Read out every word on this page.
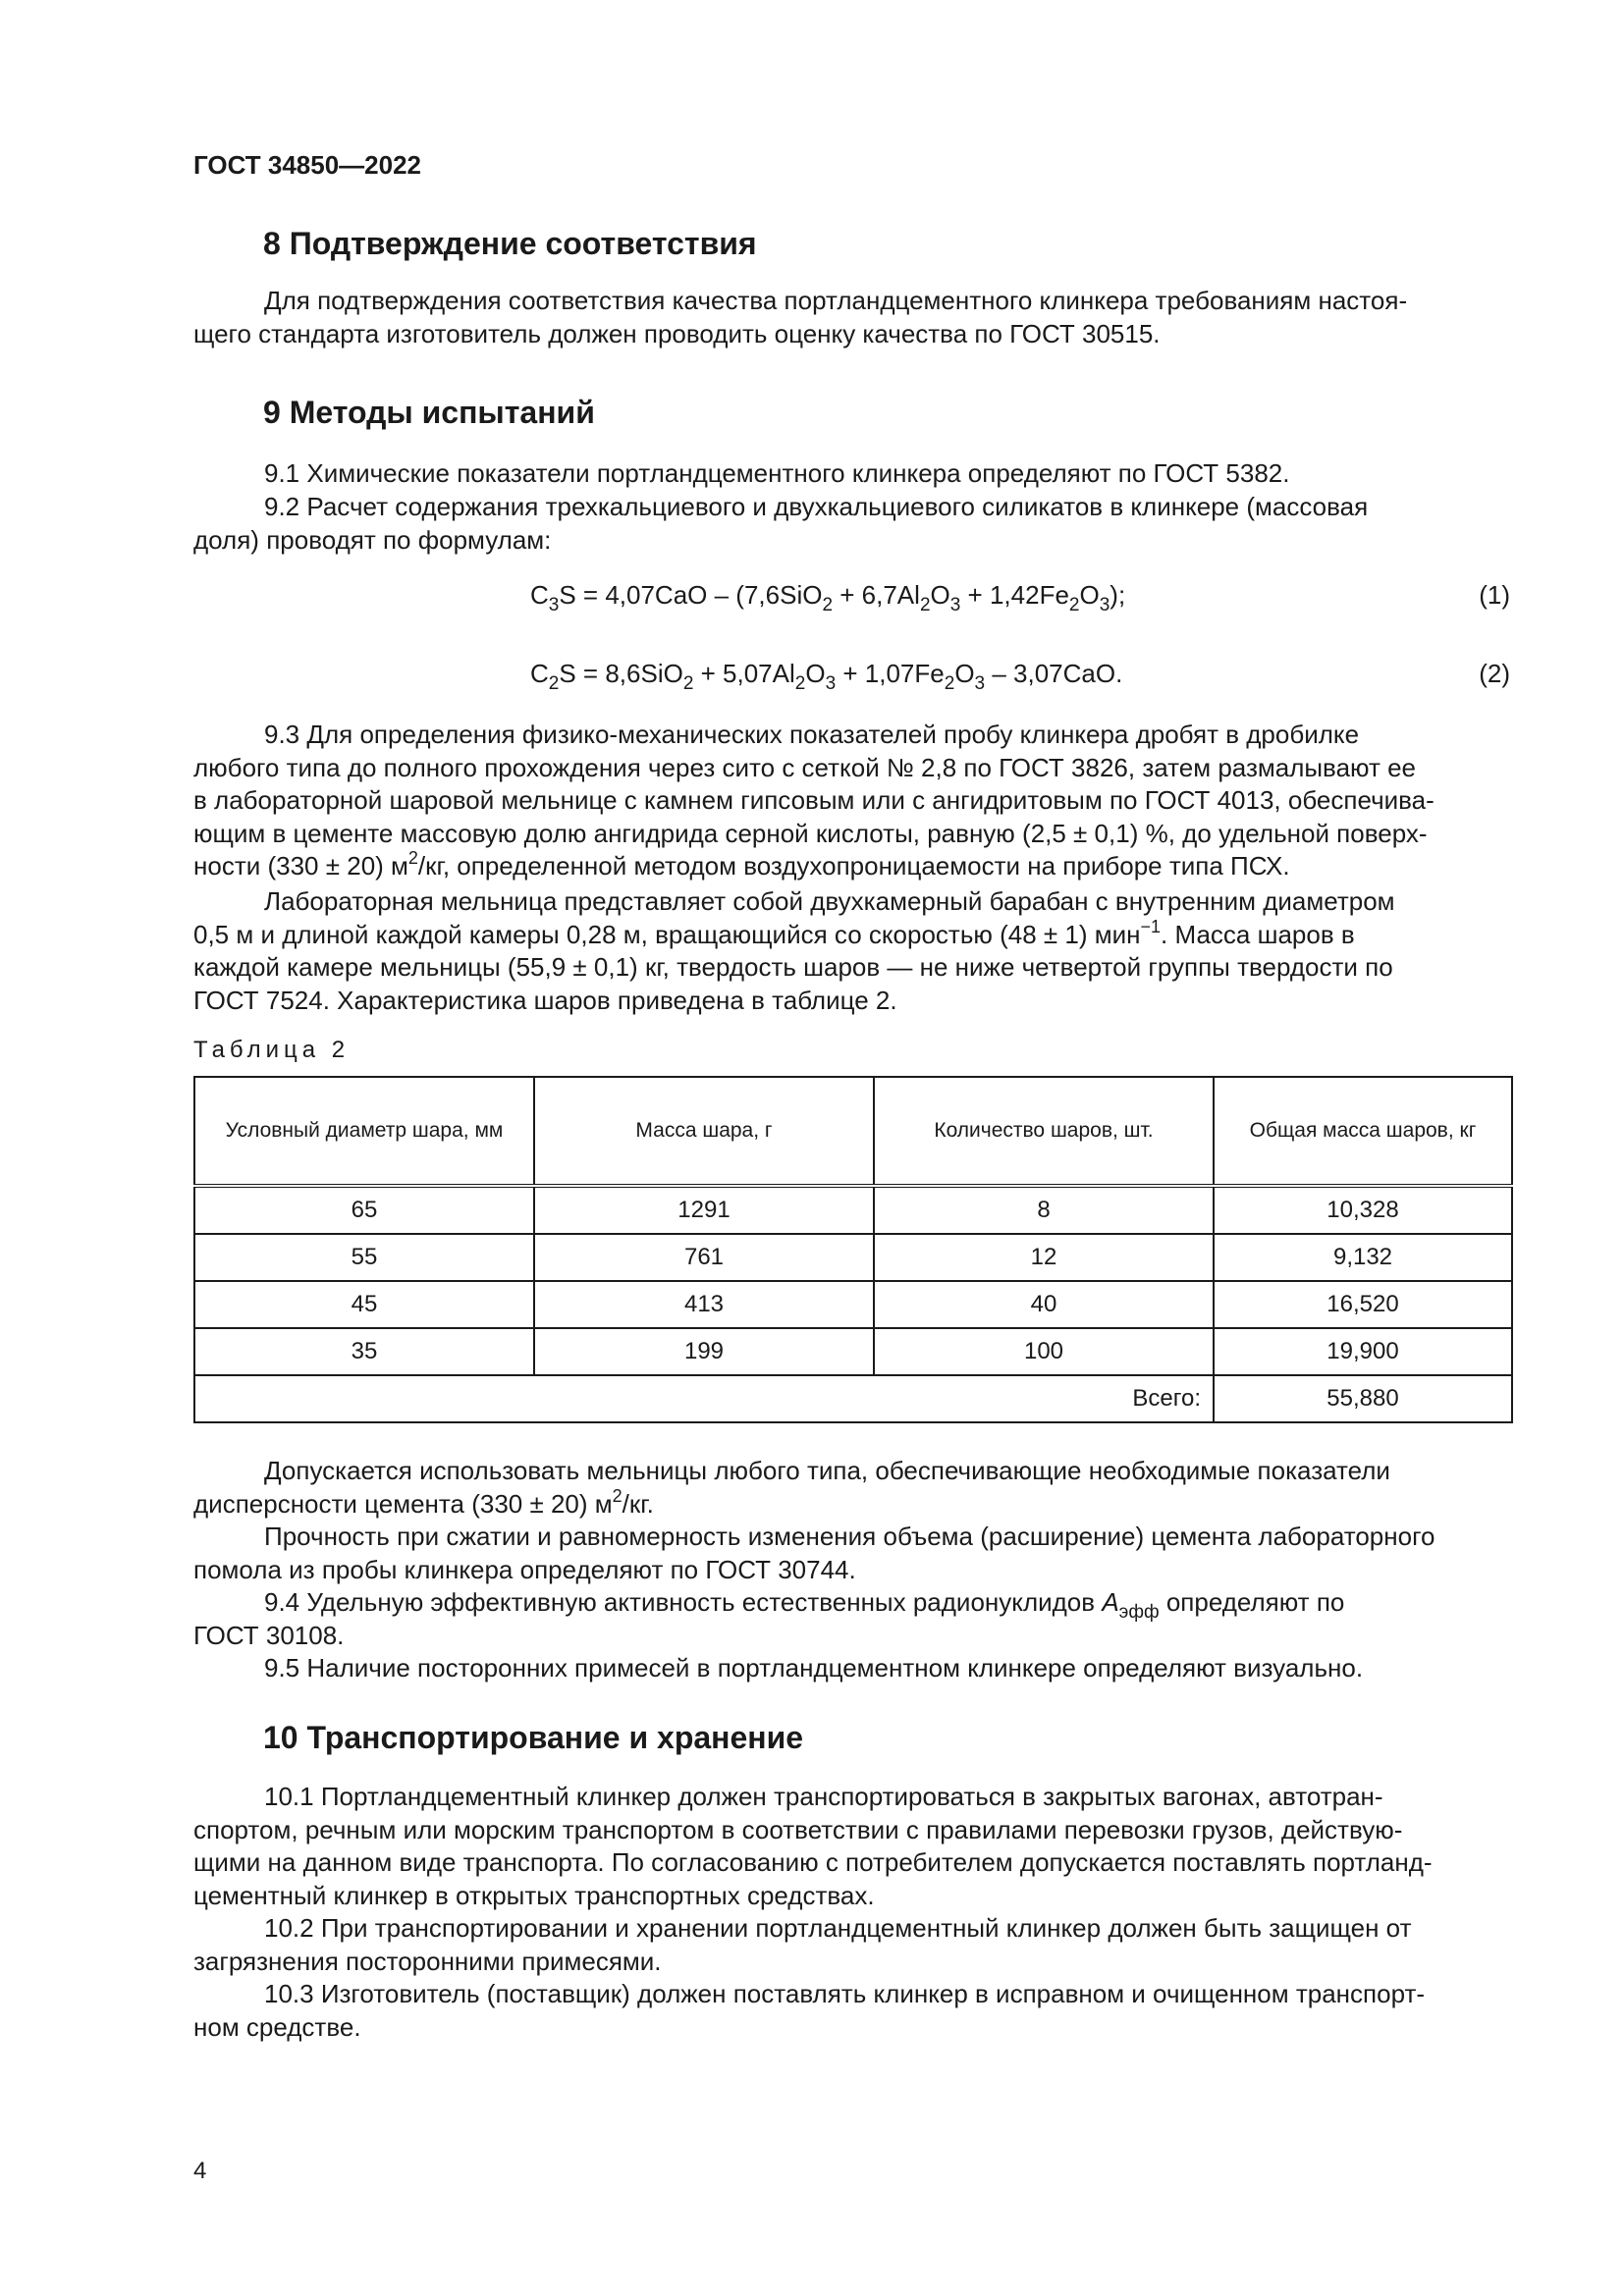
ГОСТ 34850—2022

8 Подтверждение соответствия

Для подтверждения соответствия качества портландцементного клинкера требованиям настоя-
щего стандарта изготовитель должен проводить оценку качества по ГОСТ 30515.

9 Методы испытаний

9.1 Химические показатели портландцементного клинкера определяют по ГОСТ 5382.

9.2 Расчет содержания трехкальциевого и двухкальциевого силикатов в клинкере (массовая
доля) проводят по формулам:

$C_3S = 4,07CaO - (7,6SiO_2 + 6,7Al_2O_3 + 1,42Fe_2O_3)$;	(1)

$C_2S = 8,6SiO_2 + 5,07Al_2O_3 + 1,07Fe_2O_3 - 3,07CaO$.	(2)

9.3 Для определения физико-механических показателей пробу клинкера дробят в дробилке
любого типа до полного прохождения через сито с сеткой № 2,8 по ГОСТ 3826, затем размалывают ее
в лабораторной шаровой мельнице с камнем гипсовым или с ангидритовым по ГОСТ 4013, обеспечива-
ющим в цементе массовую долю ангидрида серной кислоты, равную (2,5 ± 0,1) %, до удельной поверх-
ности (330 ± 20) $м^2/кг$, определенной методом воздухопроницаемости на приборе типа ПСХ.

Лабораторная мельница представляет собой двухкамерный барабан с внутренним диаметром
0,5 м и длиной каждой камеры 0,28 м, вращающийся со скоростью (48 ± 1) мин$^{-1}$. Масса шаров в
каждой камере мельницы (55,9 ± 0,1) кг, твердость шаров — не ниже четвертой группы твердости по
ГОСТ 7524. Характеристика шаров приведена в таблице 2.

Таблица 2

Условный диаметр шара, мм	Масса шара, г	Количество шаров, шт.	Общая масса шаров, кг
65	1291	8	10,328
55	761	12	9,132
45	413	40	16,520
35	199	100	19,900
Всего:			55,880

Допускается использовать мельницы любого типа, обеспечивающие необходимые показатели
дисперсности цемента (330 ± 20) $м^2/кг$.

Прочность при сжатии и равномерность изменения объема (расширение) цемента лабораторного
помола из пробы клинкера определяют по ГОСТ 30744.

9.4 Удельную эффективную активность естественных радионуклидов $A_{эфф}$ определяют по
ГОСТ 30108.

9.5 Наличие посторонних примесей в портландцементном клинкере определяют визуально.

10 Транспортирование и хранение

10.1 Портландцементный клинкер должен транспортироваться в закрытых вагонах, автотран-
спортом, речным или морским транспортом в соответствии с правилами перевозки грузов, действую-
щими на данном виде транспорта. По согласованию с потребителем допускается поставлять портланд-
цементный клинкер в открытых транспортных средствах.

10.2 При транспортировании и хранении портландцементный клинкер должен быть защищен от
загрязнения посторонними примесями.

10.3 Изготовитель (поставщик) должен поставлять клинкер в исправном и очищенном транспорт-
ном средстве.

4
